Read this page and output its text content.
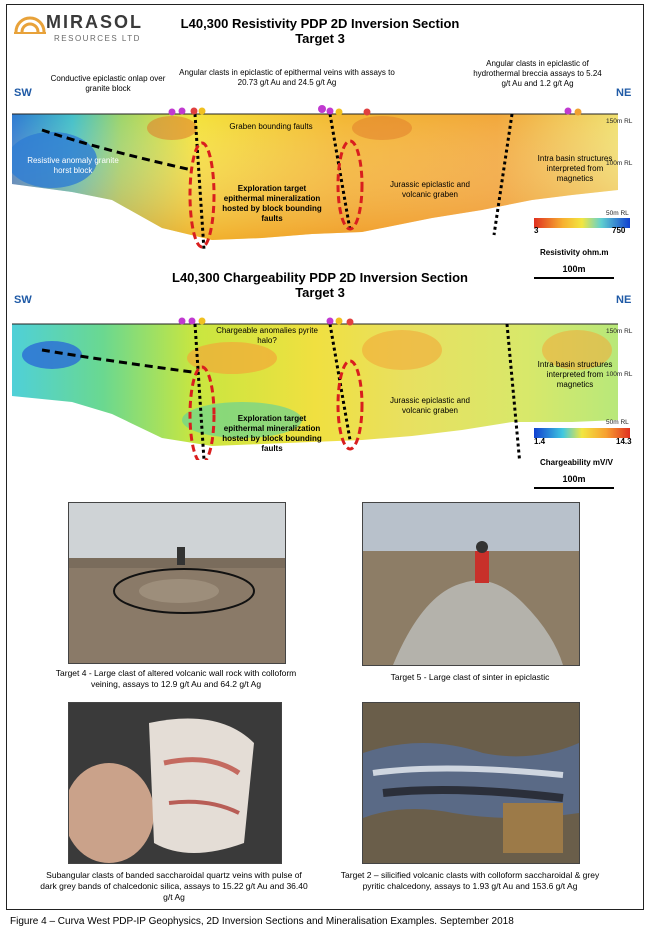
MIRASOL
RESOURCES LTD
L40,300 Resistivity PDP 2D Inversion Section
Target 3
SW	NE
Conductive epiclastic onlap over granite block
Angular clasts in epiclastic of epithermal veins with assays to 20.73 g/t Au and 24.5 g/t Ag
Angular clasts in epiclastic of hydrothermal breccia assays to 5.24 g/t Au and 1.2 g/t Ag
Graben bounding faults
Resistive anomaly granite horst block
Exploration target epithermal mineralization hosted by block bounding faults
Jurassic epiclastic and volcanic graben
Intra basin structures interpreted from magnetics
150m RL
100m RL
50m RL
3	750
Resistivity ohm.m
100m
L40,300 Chargeability PDP 2D Inversion Section
Target 3
SW	NE
Chargeable anomalies pyrite halo?
Exploration target epithermal mineralization hosted by block bounding faults
Jurassic epiclastic and volcanic graben
Intra basin structures interpreted from magnetics
150m RL
100m RL
50m RL
1.4	14.3
Chargeability mV/V
100m
Target 4 - Large clast of altered volcanic wall rock with colloform veining, assays to 12.9 g/t Au and 64.2 g/t Ag
Target 5 - Large clast of sinter in epiclastic
Subangular clasts of banded saccharoidal quartz veins with pulse of dark grey bands of chalcedonic silica, assays to 15.22 g/t Au and 36.40 g/t Ag
Target 2 – silicified volcanic clasts with colloform saccharoidal & grey pyritic chalcedony, assays to 1.93 g/t Au and 153.6 g/t Ag
Figure 4 – Curva West PDP-IP Geophysics, 2D Inversion Sections and Mineralisation Examples. September 2018
